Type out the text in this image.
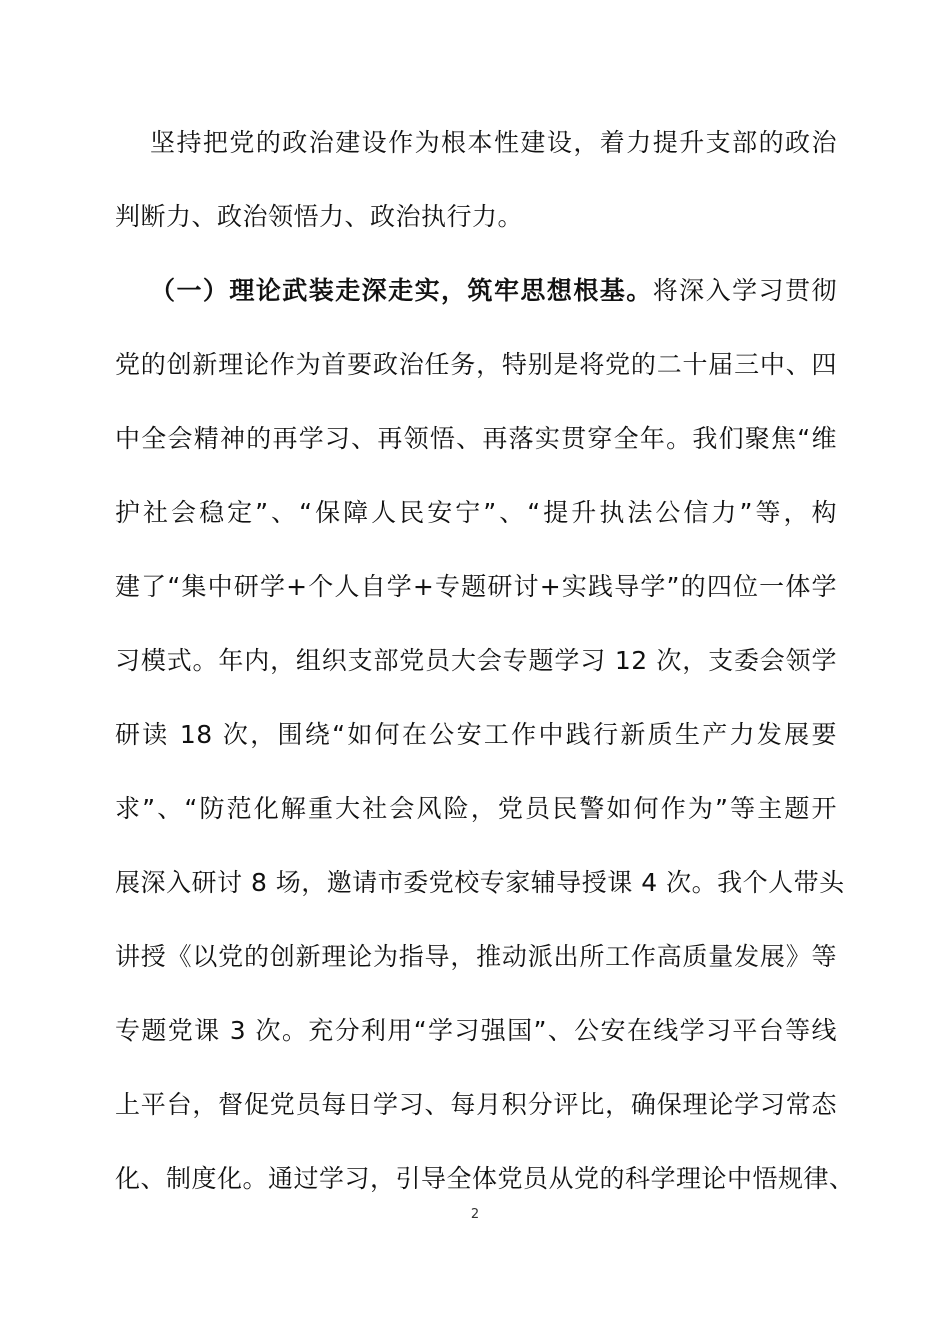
坚持把党的政治建设作为根本性建设，着力提升支部的政治
判断力、政治领悟力、政治执行力。
（一）理论武装走深走实，筑牢思想根基。将深入学习贯彻
党的创新理论作为首要政治任务，特别是将党的二十届三中、四
中全会精神的再学习、再领悟、再落实贯穿全年。我们聚焦“维
护社会稳定”、“保障人民安宁”、“提升执法公信力”等，构
建了“集中研学+个人自学+专题研讨+实践导学”的四位一体学
习模式。年内，组织支部党员大会专题学习 12 次，支委会领学
研读 18 次，围绕“如何在公安工作中践行新质生产力发展要
求”、“防范化解重大社会风险，党员民警如何作为”等主题开
展深入研讨 8 场，邀请市委党校专家辅导授课 4 次。我个人带头
讲授《以党的创新理论为指导，推动派出所工作高质量发展》等
专题党课 3 次。充分利用“学习强国”、公安在线学习平台等线
上平台，督促党员每日学习、每月积分评比，确保理论学习常态
化、制度化。通过学习，引导全体党员从党的科学理论中悟规律、
2
